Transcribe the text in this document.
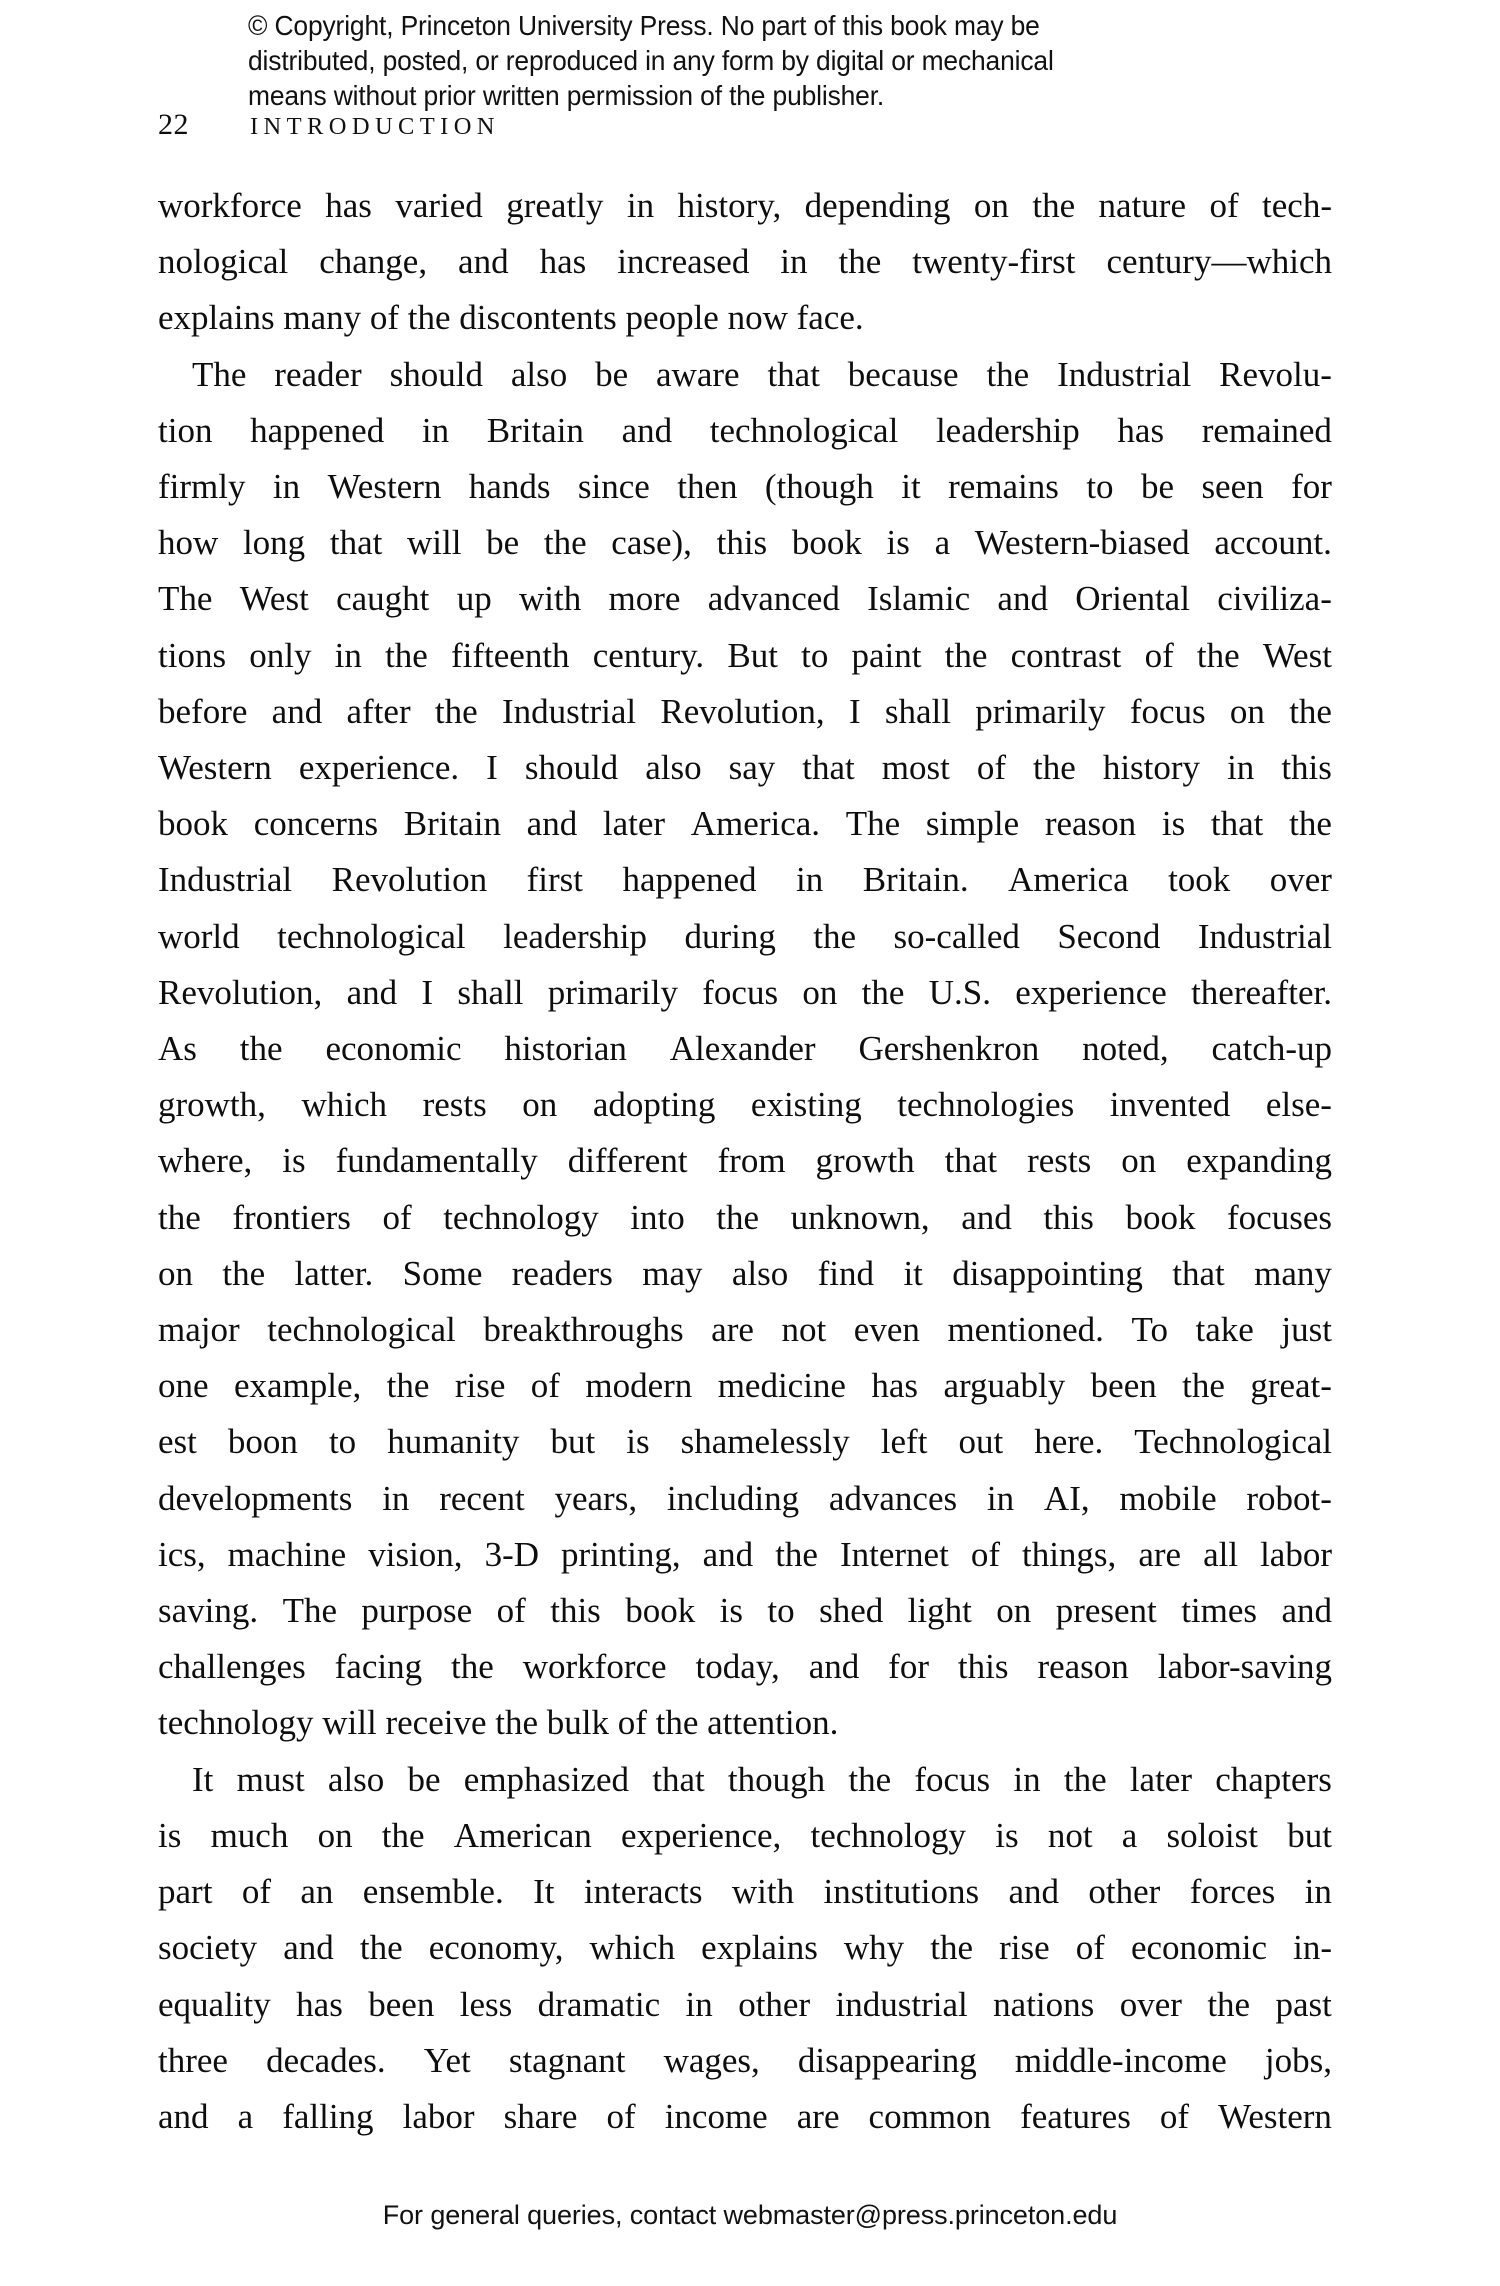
© Copyright, Princeton University Press. No part of this book may be
distributed, posted, or reproduced in any form by digital or mechanical
means without prior written permission of the publisher.
22 INTRODUCTION

workforce has varied greatly in history, depending on the nature of tech-
nological change, and has increased in the twenty-first century—which
explains many of the discontents people now face.

The reader should also be aware that because the Industrial Revolu-
tion happened in Britain and technological leadership has remained
firmly in Western hands since then (though it remains to be seen for
how long that will be the case), this book is a Western-biased account.
The West caught up with more advanced Islamic and Oriental civiliza-
tions only in the fifteenth century. But to paint the contrast of the West
before and after the Industrial Revolution, I shall primarily focus on the
Western experience. I should also say that most of the history in this
book concerns Britain and later America. The simple reason is that the
Industrial Revolution first happened in Britain. America took over
world technological leadership during the so-called Second Industrial
Revolution, and I shall primarily focus on the U.S. experience thereafter.
As the economic historian Alexander Gershenkron noted, catch-up
growth, which rests on adopting existing technologies invented else-
where, is fundamentally different from growth that rests on expanding
the frontiers of technology into the unknown, and this book focuses
on the latter. Some readers may also find it disappointing that many
major technological breakthroughs are not even mentioned. To take just
one example, the rise of modern medicine has arguably been the great-
est boon to humanity but is shamelessly left out here. Technological
developments in recent years, including advances in AI, mobile robot-
ics, machine vision, 3-D printing, and the Internet of things, are all labor
saving. The purpose of this book is to shed light on present times and
challenges facing the workforce today, and for this reason labor-saving
technology will receive the bulk of the attention.

It must also be emphasized that though the focus in the later chapters
is much on the American experience, technology is not a soloist but
part of an ensemble. It interacts with institutions and other forces in
society and the economy, which explains why the rise of economic in-
equality has been less dramatic in other industrial nations over the past
three decades. Yet stagnant wages, disappearing middle-income jobs,
and a falling labor share of income are common features of Western

For general queries, contact webmaster@press.princeton.edu
